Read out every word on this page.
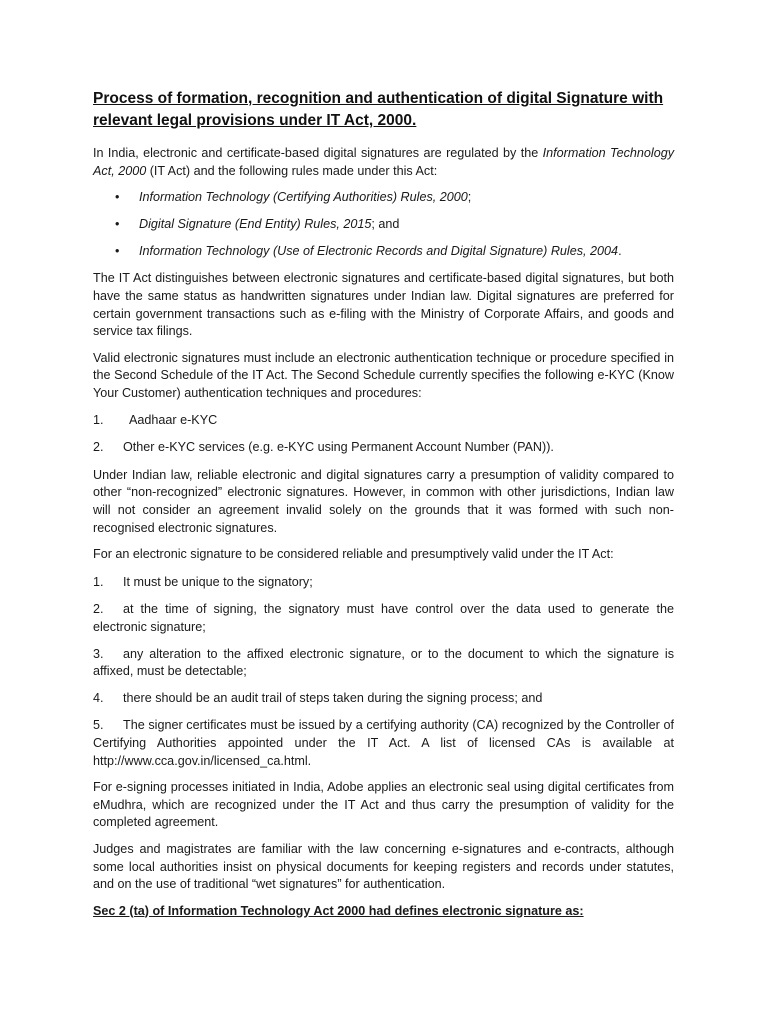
Process of formation, recognition and authentication of digital Signature with relevant legal provisions under IT Act, 2000.

In India, electronic and certificate-based digital signatures are regulated by the Information Technology Act, 2000 (IT Act) and the following rules made under this Act:

• Information Technology (Certifying Authorities) Rules, 2000;
• Digital Signature (End Entity) Rules, 2015; and
• Information Technology (Use of Electronic Records and Digital Signature) Rules, 2004.

The IT Act distinguishes between electronic signatures and certificate-based digital signatures, but both have the same status as handwritten signatures under Indian law. Digital signatures are preferred for certain government transactions such as e-filing with the Ministry of Corporate Affairs, and goods and service tax filings.

Valid electronic signatures must include an electronic authentication technique or procedure specified in the Second Schedule of the IT Act. The Second Schedule currently specifies the following e-KYC (Know Your Customer) authentication techniques and procedures:

1.	Aadhaar e-KYC

2.	Other e-KYC services (e.g. e-KYC using Permanent Account Number (PAN)).

Under Indian law, reliable electronic and digital signatures carry a presumption of validity compared to other “non-recognized” electronic signatures. However, in common with other jurisdictions, Indian law will not consider an agreement invalid solely on the grounds that it was formed with such non-recognised electronic signatures.

For an electronic signature to be considered reliable and presumptively valid under the IT Act:

1. It must be unique to the signatory;

2. at the time of signing, the signatory must have control over the data used to generate the electronic signature;

3. any alteration to the affixed electronic signature, or to the document to which the signature is affixed, must be detectable;

4. there should be an audit trail of steps taken during the signing process; and

5. The signer certificates must be issued by a certifying authority (CA) recognized by the Controller of Certifying Authorities appointed under the IT Act. A list of licensed CAs is available at http://www.cca.gov.in/licensed_ca.html.

For e-signing processes initiated in India, Adobe applies an electronic seal using digital certificates from eMudhra, which are recognized under the IT Act and thus carry the presumption of validity for the completed agreement.

Judges and magistrates are familiar with the law concerning e-signatures and e-contracts, although some local authorities insist on physical documents for keeping registers and records under statutes, and on the use of traditional “wet signatures” for authentication.

Sec 2 (ta) of Information Technology Act 2000 had defines electronic signature as:
